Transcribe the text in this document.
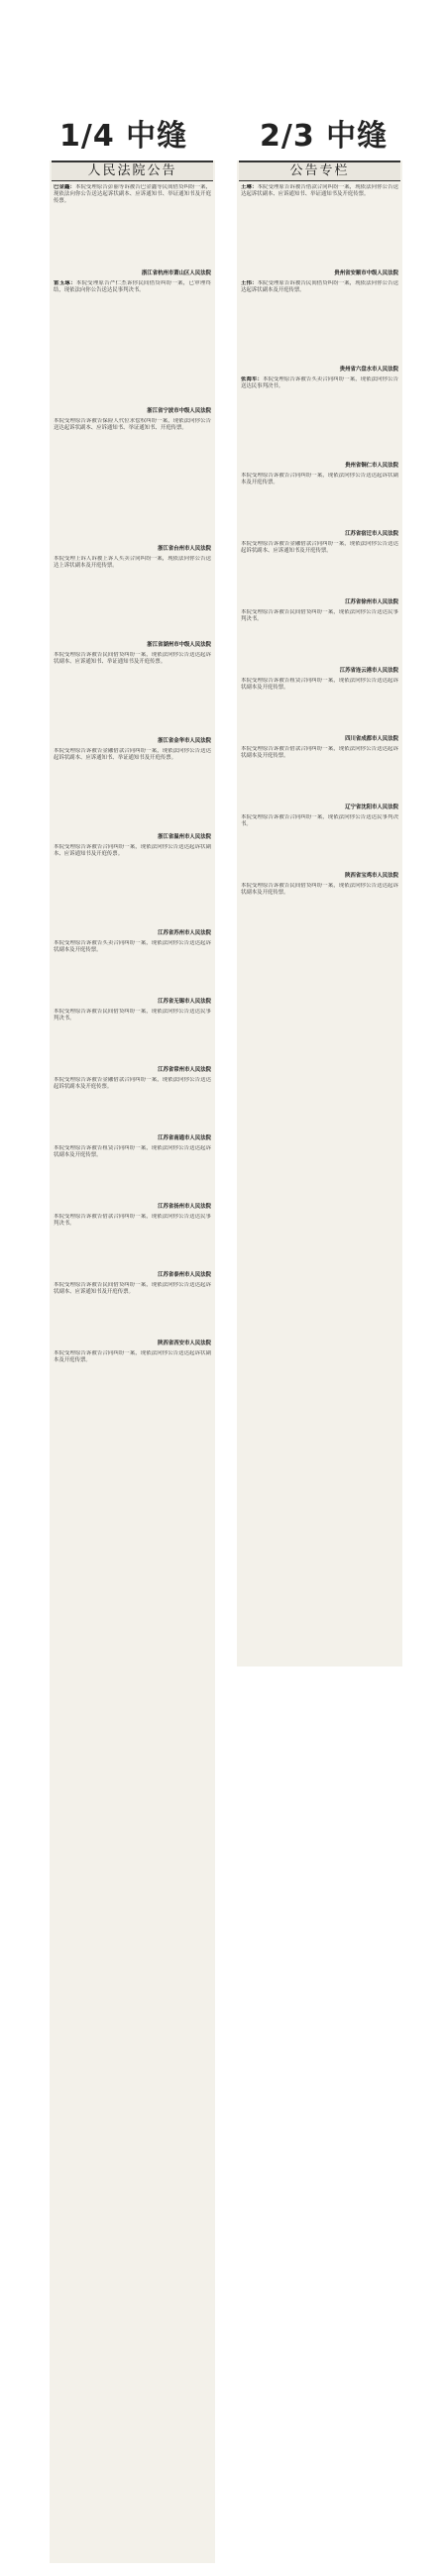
1/4 中缝 2/3 中缝
人民法院公告
巴金鑫：本院受理原告彭丽等诉被告巴金鑫等民间借贷纠纷一案，现依法向你公告送达起诉状副本、应诉通知书、举证通知书及开庭传票。
浙江省杭州市萧山区人民法院
雷玉琢：本院受理原告严仁杰诉你民间借贷纠纷一案，已审理终结，现依法向你公告送达民事判决书。
浙江省宁波市中级人民法院
本院受理原告诉被告保险人代位求偿权纠纷一案，现依法向你公告送达起诉状副本、应诉通知书、举证通知书、开庭传票。
浙江省台州市人民法院
本院受理上诉人诉被上诉人买卖合同纠纷一案，现依法向你公告送达上诉状副本及开庭传票。
浙江省湖州市中级人民法院
本院受理原告诉被告民间借贷纠纷一案，现依法向你公告送达起诉状副本、应诉通知书、举证通知书及开庭传票。
浙江省金华市人民法院
本院受理原告诉被告金融借款合同纠纷一案，现依法向你公告送达起诉状副本、应诉通知书、举证通知书及开庭传票。
浙江省温州市人民法院
本院受理原告诉被告合同纠纷一案，现依法向你公告送达起诉状副本、应诉通知书及开庭传票。
江苏省苏州市人民法院
本院受理原告诉被告买卖合同纠纷一案，现依法向你公告送达起诉状副本及开庭传票。
江苏省无锡市人民法院
本院受理原告诉被告民间借贷纠纷一案，现依法向你公告送达民事判决书。
江苏省常州市人民法院
本院受理原告诉被告金融借款合同纠纷一案，现依法向你公告送达起诉状副本及开庭传票。
江苏省南通市人民法院
本院受理原告诉被告租赁合同纠纷一案，现依法向你公告送达起诉状副本及开庭传票。
江苏省扬州市人民法院
本院受理原告诉被告借款合同纠纷一案，现依法向你公告送达民事判决书。
江苏省泰州市人民法院
本院受理原告诉被告民间借贷纠纷一案，现依法向你公告送达起诉状副本、应诉通知书及开庭传票。
陕西省西安市人民法院
本院受理原告诉被告合同纠纷一案，现依法向你公告送达起诉状副本及开庭传票。
公告专栏
王琳：本院受理原告诉被告借款合同纠纷一案，现依法向你公告送达起诉状副本、应诉通知书、举证通知书及开庭传票。
贵州省安顺市中级人民法院
王伟：本院受理原告诉被告民间借贷纠纷一案，现依法向你公告送达起诉状副本及开庭传票。
贵州省六盘水市人民法院
张海军：本院受理原告诉被告买卖合同纠纷一案，现依法向你公告送达民事判决书。
贵州省铜仁市人民法院
本院受理原告诉被告合同纠纷一案，现依法向你公告送达起诉状副本及开庭传票。
江苏省宿迁市人民法院
本院受理原告诉被告金融借款合同纠纷一案，现依法向你公告送达起诉状副本、应诉通知书及开庭传票。
江苏省徐州市人民法院
本院受理原告诉被告民间借贷纠纷一案，现依法向你公告送达民事判决书。
江苏省连云港市人民法院
本院受理原告诉被告租赁合同纠纷一案，现依法向你公告送达起诉状副本及开庭传票。
四川省成都市人民法院
本院受理原告诉被告借款合同纠纷一案，现依法向你公告送达起诉状副本及开庭传票。
辽宁省沈阳市人民法院
本院受理原告诉被告合同纠纷一案，现依法向你公告送达民事判决书。
陕西省宝鸡市人民法院
本院受理原告诉被告民间借贷纠纷一案，现依法向你公告送达起诉状副本及开庭传票。
